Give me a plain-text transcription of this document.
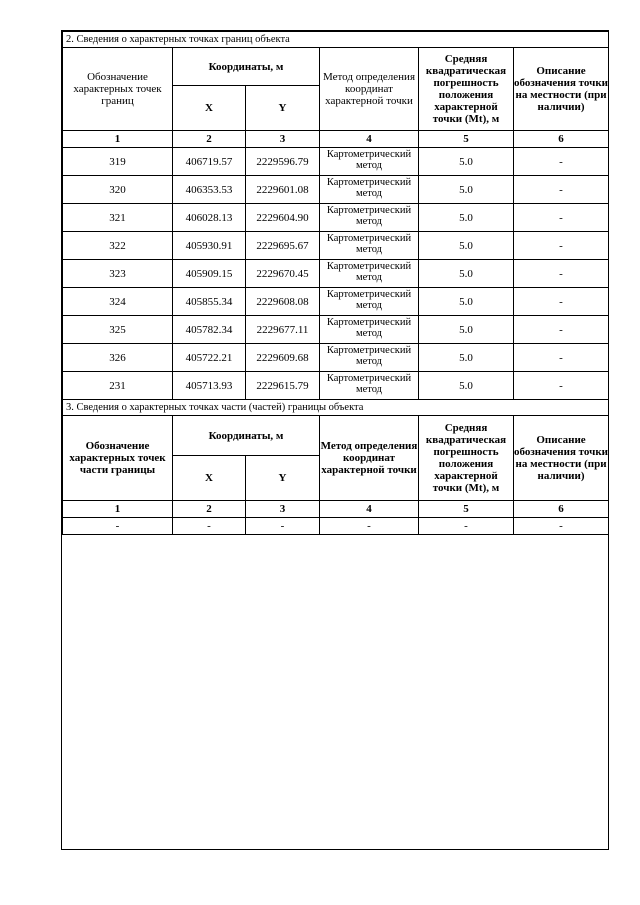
2. Сведения о характерных точках границ объекта					
Обозначение характерных точек границ	Координаты, м		Метод определения координат характерной точки	Средняя квадратическая погрешность положения характерной точки (Mt), м	Описание обозначения точки на местности (при наличии)
	X	Y			
1	2	3	4	5	6
319	406719.57	2229596.79	Картометрический метод	5.0	-
320	406353.53	2229601.08	Картометрический метод	5.0	-
321	406028.13	2229604.90	Картометрический метод	5.0	-
322	405930.91	2229695.67	Картометрический метод	5.0	-
323	405909.15	2229670.45	Картометрический метод	5.0	-
324	405855.34	2229608.08	Картометрический метод	5.0	-
325	405782.34	2229677.11	Картометрический метод	5.0	-
326	405722.21	2229609.68	Картометрический метод	5.0	-
231	405713.93	2229615.79	Картометрический метод	5.0	-
3. Сведения о характерных точках части (частей) границы объекта					
Обозначение характерных точек части границы	Координаты, м		Метод определения координат характерной точки	Средняя квадратическая погрешность положения характерной точки (Mt), м	Описание обозначения точки на местности (при наличии)
	X	Y			
1	2	3	4	5	6
-	-	-	-	-	-
